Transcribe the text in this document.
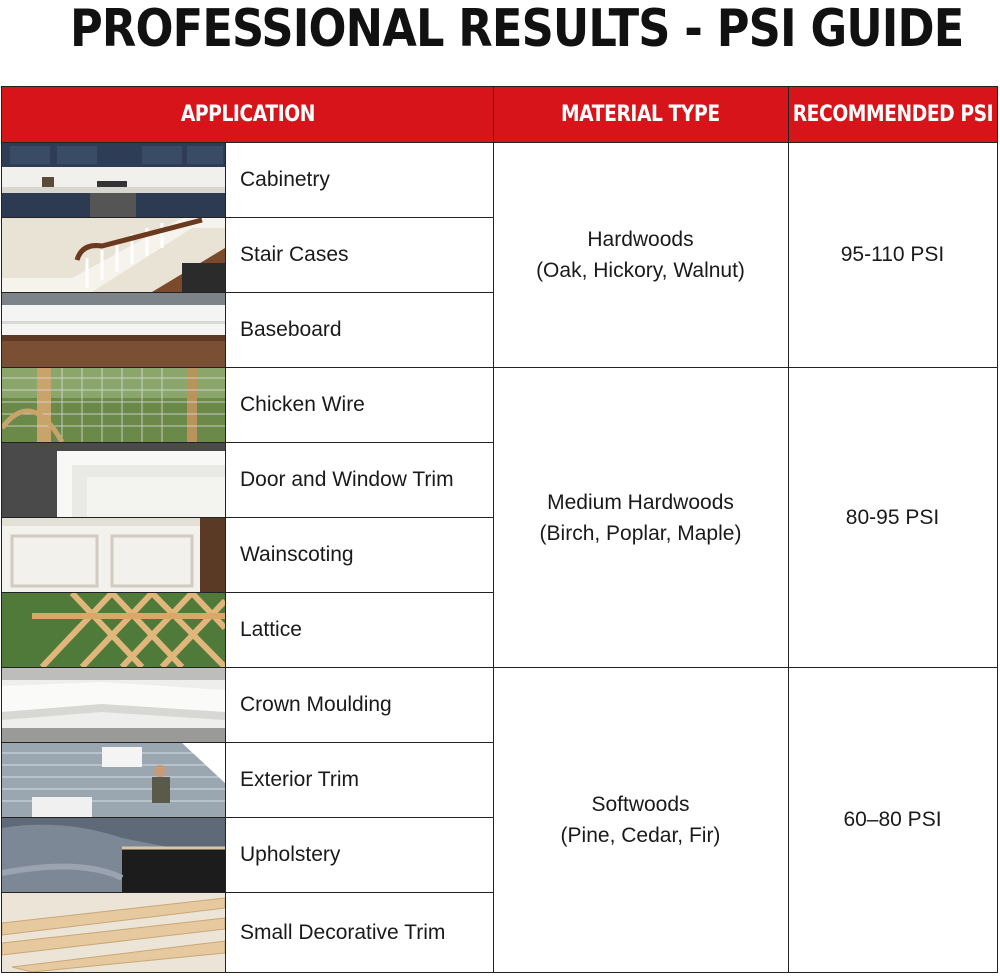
PROFESSIONAL RESULTS - PSI GUIDE
APPLICATION	MATERIAL TYPE	RECOMMENDED PSI
Cabinetry
Stair Cases
Baseboard
Chicken Wire
Door and Window Trim
Wainscoting
Lattice
Crown Moulding
Exterior Trim
Upholstery
Small Decorative Trim
Hardwoods
(Oak, Hickory, Walnut)
Medium Hardwoods
(Birch, Poplar, Maple)
Softwoods
(Pine, Cedar, Fir)
95-110 PSI
80-95 PSI
60–80 PSI
